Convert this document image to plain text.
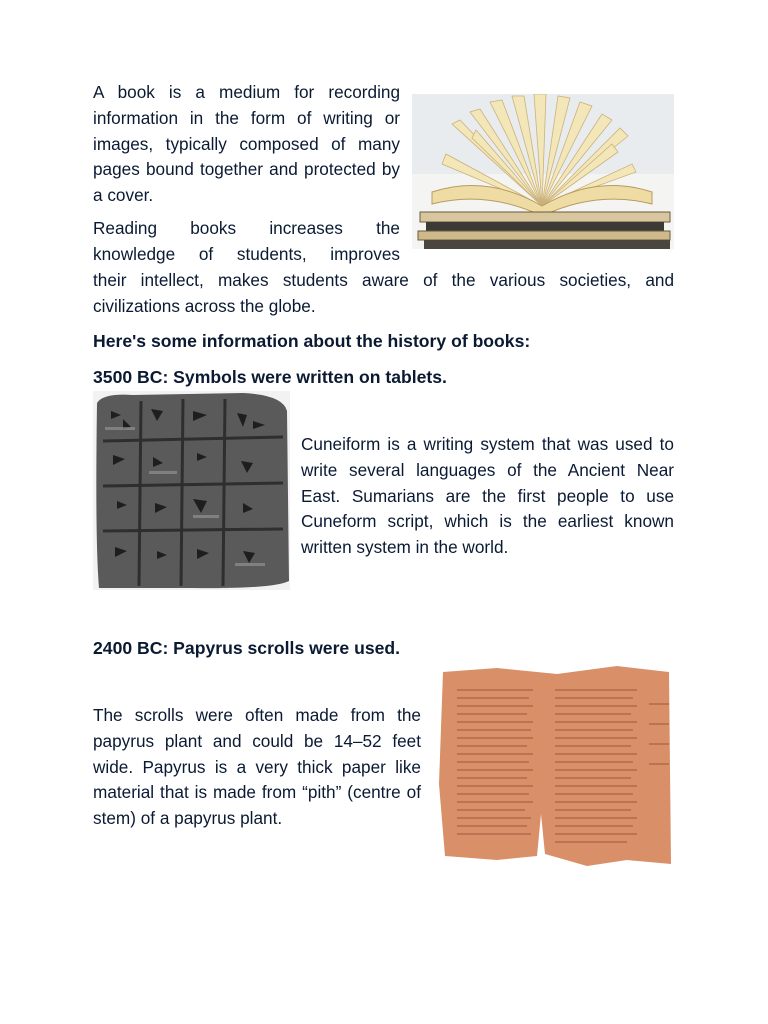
A book is a medium for recording information in the form of writing or images, typically composed of many pages bound together and protected by a cover.

Reading books increases the knowledge of students, improves

their intellect, makes students aware of the various societies, and civilizations across the globe.

Here's some information about the history of books:
3500 BC: Symbols were written on tablets.

Cuneiform is a writing system that was used to write several languages of the Ancient Near East. Sumarians are the first people to use Cuneform script, which is the earliest known written system in the world.

2400 BC: Papyrus scrolls were used.

The scrolls were often made from the papyrus plant and could be 14–52 feet wide. Papyrus is a very thick paper like material that is made from “pith” (centre of stem) of a papyrus plant.
